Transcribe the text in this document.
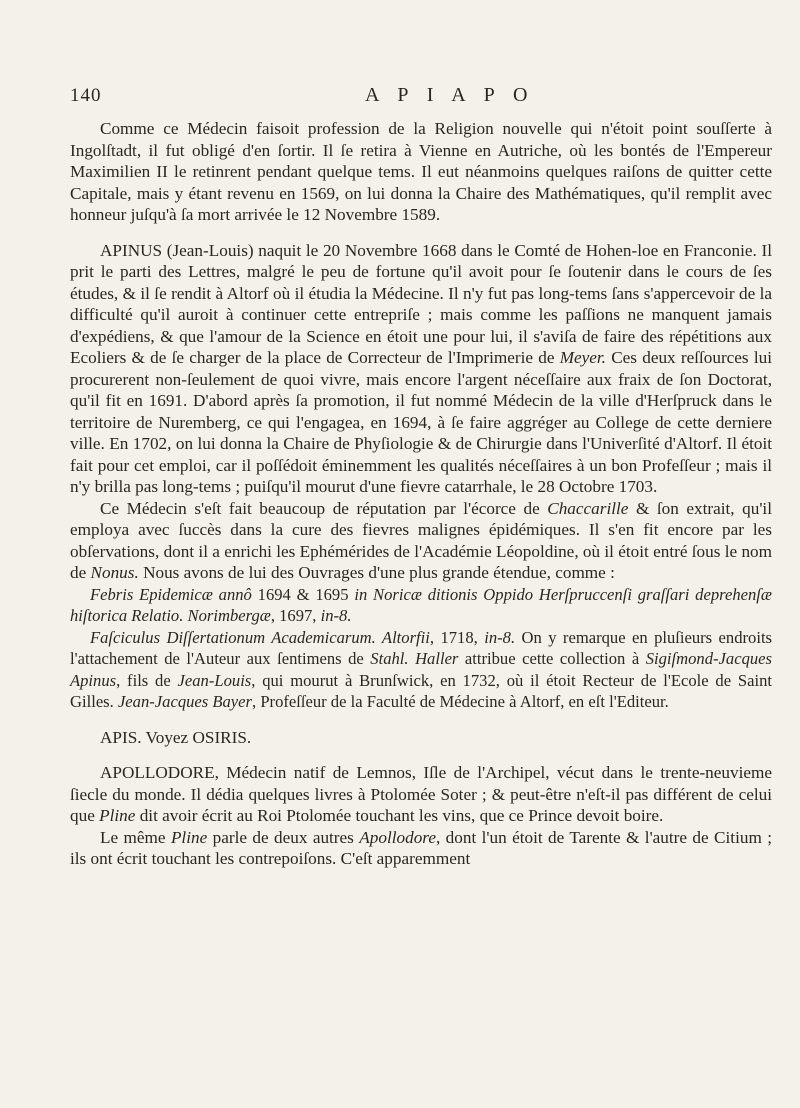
140	A P I A P O

Comme ce Médecin faisoit profession de la Religion nouvelle qui n'étoit point souſſerte à Ingolſtadt, il fut obligé d'en ſortir. Il ſe retira à Vienne en Autriche, où les bontés de l'Empereur Maximilien II le retinrent pendant quelque tems. Il eut néanmoins quelques raiſons de quitter cette Capitale, mais y étant revenu en 1569, on lui donna la Chaire des Mathématiques, qu'il remplit avec honneur juſqu'à ſa mort arrivée le 12 Novembre 1589.

APINUS (Jean-Louis) naquit le 20 Novembre 1668 dans le Comté de Hohen-loe en Franconie. Il prit le parti des Lettres, malgré le peu de fortune qu'il avoit pour ſe ſoutenir dans le cours de ſes études, & il ſe rendit à Altorf où il étudia la Médecine. Il n'y fut pas long-tems ſans s'appercevoir de la difficulté qu'il auroit à continuer cette entrepriſe ; mais comme les paſſions ne manquent jamais d'expédiens, & que l'amour de la Science en étoit une pour lui, il s'aviſa de faire des répétitions aux Ecoliers & de ſe charger de la place de Correcteur de l'Imprimerie de Meyer. Ces deux reſſources lui procurerent non-ſeulement de quoi vivre, mais encore l'argent néceſſaire aux fraix de ſon Doctorat, qu'il fit en 1691. D'abord après ſa promotion, il fut nommé Médecin de la ville d'Herſpruck dans le territoire de Nuremberg, ce qui l'engagea, en 1694, à ſe faire aggréger au College de cette derniere ville. En 1702, on lui donna la Chaire de Phyſiologie & de Chirurgie dans l'Univerſité d'Altorf. Il étoit fait pour cet emploi, car il poſſédoit éminemment les qualités néceſſaires à un bon Profeſſeur ; mais il n'y brilla pas long-tems ; puiſqu'il mourut d'une fievre catarrhale, le 28 Octobre 1703.

Ce Médecin s'eſt fait beaucoup de réputation par l'écorce de Chaccarille & ſon extrait, qu'il employa avec ſuccès dans la cure des fievres malignes épidémiques. Il s'en fit encore par les obſervations, dont il a enrichi les Ephémérides de l'Académie Léopoldine, où il étoit entré ſous le nom de Nonus. Nous avons de lui des Ouvrages d'une plus grande étendue, comme :

Febris Epidemicæ annô 1694 & 1695 in Noricæ ditionis Oppido Herſpruccenſi graſſari deprehenſæ hiſtorica Relatio. Norimbergæ, 1697, in-8.

Faſciculus Diſſertationum Academicarum. Altorfii, 1718, in-8. On y remarque en pluſieurs endroits l'attachement de l'Auteur aux ſentimens de Stahl. Haller attribue cette collection à Sigiſmond-Jacques Apinus, fils de Jean-Louis, qui mourut à Brunſwick, en 1732, où il étoit Recteur de l'Ecole de Saint Gilles. Jean-Jacques Bayer, Profeſſeur de la Faculté de Médecine à Altorf, en eſt l'Editeur.

APIS. Voyez OSIRIS.

APOLLODORE, Médecin natif de Lemnos, Iſle de l'Archipel, vécut dans le trente-neuvieme ſiecle du monde. Il dédia quelques livres à Ptolomée Soter ; & peut-être n'eſt-il pas différent de celui que Pline dit avoir écrit au Roi Ptolomée touchant les vins, que ce Prince devoit boire.

Le même Pline parle de deux autres Apollodore, dont l'un étoit de Tarente & l'autre de Citium ; ils ont écrit touchant les contrepoiſons. C'eſt apparemment
